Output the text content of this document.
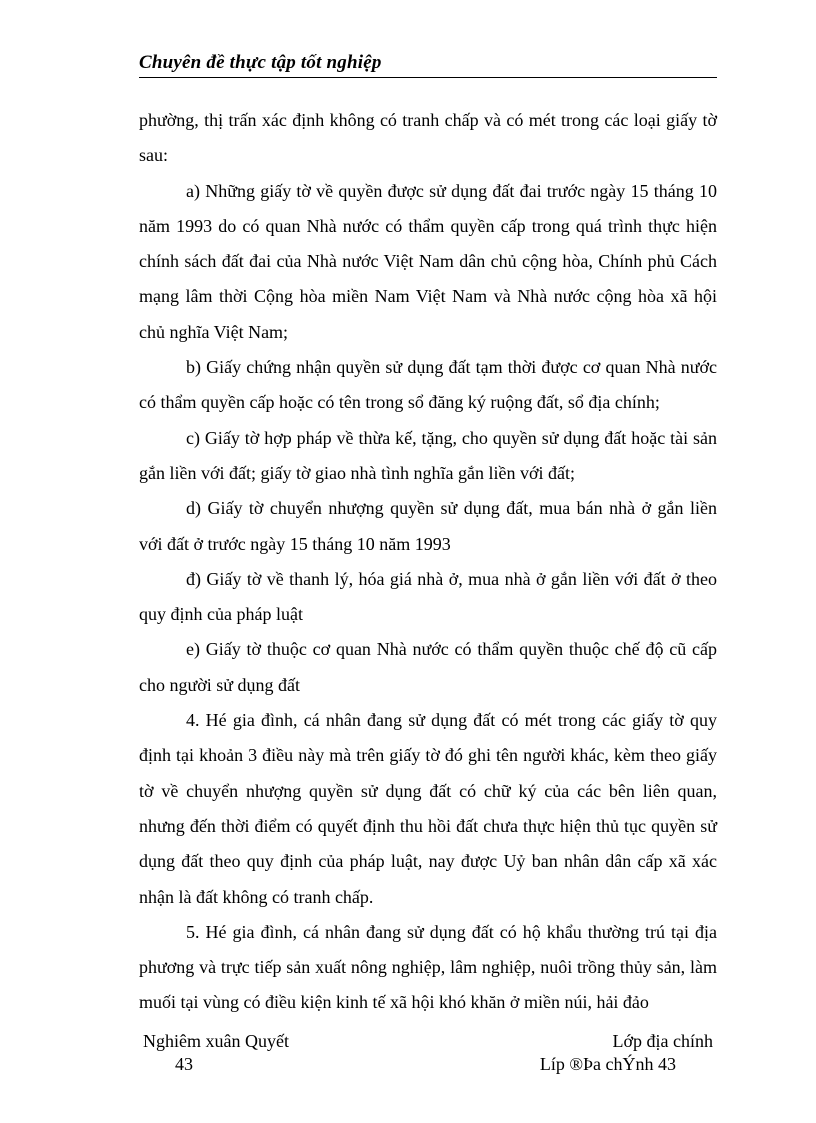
Chuyên đề thực tập tốt nghiệp

phường, thị trấn xác định không có tranh chấp và có mét trong các loại giấy tờ sau:

a) Những giấy tờ về quyền được sử dụng đất đai trước ngày 15 tháng 10 năm 1993 do có quan Nhà nước có thẩm quyền cấp trong quá trình thực hiện chính sách đất đai của Nhà nước Việt Nam dân chủ cộng hòa, Chính phủ Cách mạng lâm thời Cộng hòa miền Nam Việt Nam và Nhà nước cộng hòa xã hội chủ nghĩa Việt Nam;

b) Giấy chứng nhận quyền sử dụng đất tạm thời được cơ quan Nhà nước có thẩm quyền cấp hoặc có tên trong sổ đăng ký ruộng đất, sổ địa chính;

c) Giấy tờ hợp pháp về thừa kế, tặng, cho quyền sử dụng đất hoặc tài sản gắn liền với đất; giấy tờ giao nhà tình nghĩa gắn liền với đất;

d) Giấy tờ chuyển nhượng quyền sử dụng đất, mua bán nhà ở gắn liền với đất ở trước ngày 15 tháng 10 năm 1993

đ) Giấy tờ về thanh lý, hóa giá nhà ở, mua nhà ở gắn liền với đất ở theo quy định của pháp luật

e) Giấy tờ thuộc cơ quan Nhà nước có thẩm quyền thuộc chế độ cũ cấp cho người sử dụng đất

4. Hé gia đình, cá nhân đang sử dụng đất có mét trong các giấy tờ quy định tại khoản 3 điều này mà trên giấy tờ đó ghi tên người khác, kèm theo giấy tờ về chuyển nhượng quyền sử dụng đất có chữ ký của các bên liên quan, nhưng đến thời điểm có quyết định thu hồi đất chưa thực hiện thủ tục quyền sử dụng đất theo quy định của pháp luật, nay được Uỷ ban nhân dân cấp xã xác nhận là đất không có tranh chấp.

5. Hé gia đình, cá nhân đang sử dụng đất có hộ khẩu thường trú tại địa phương và trực tiếp sản xuất nông nghiệp, lâm nghiệp, nuôi trồng thủy sản, làm muối tại vùng có điều kiện kinh tế xã hội khó khăn ở miền núi, hải đảo

Nghiêm xuân Quyết
43
Lớp địa chính
Líp ®Þa chÝnh 43
